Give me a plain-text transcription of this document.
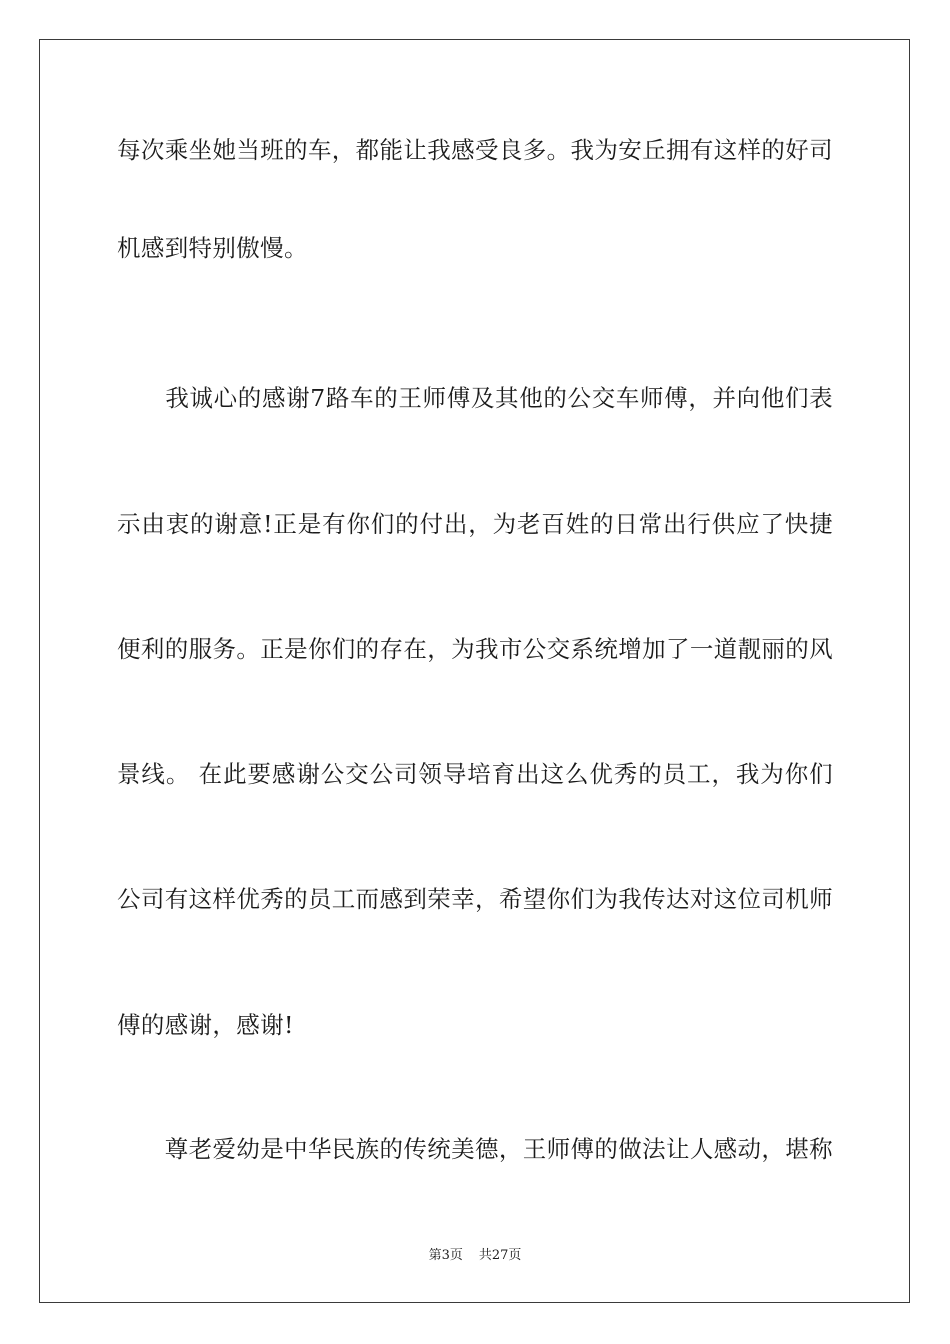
每次乘坐她当班的车，都能让我感受良多。我为安丘拥有这样的好司
机感到特别傲慢。
　　我诚心的感谢7路车的王师傅及其他的公交车师傅，并向他们表
示由衷的谢意!正是有你们的付出，为老百姓的日常出行供应了快捷
便利的服务。正是你们的存在，为我市公交系统增加了一道靓丽的风
景线。 在此要感谢公交公司领导培育出这么优秀的员工，我为你们
公司有这样优秀的员工而感到荣幸，希望你们为我传达对这位司机师
傅的感谢，感谢!
　　尊老爱幼是中华民族的传统美德，王师傅的做法让人感动，堪称
第3页 共27页
